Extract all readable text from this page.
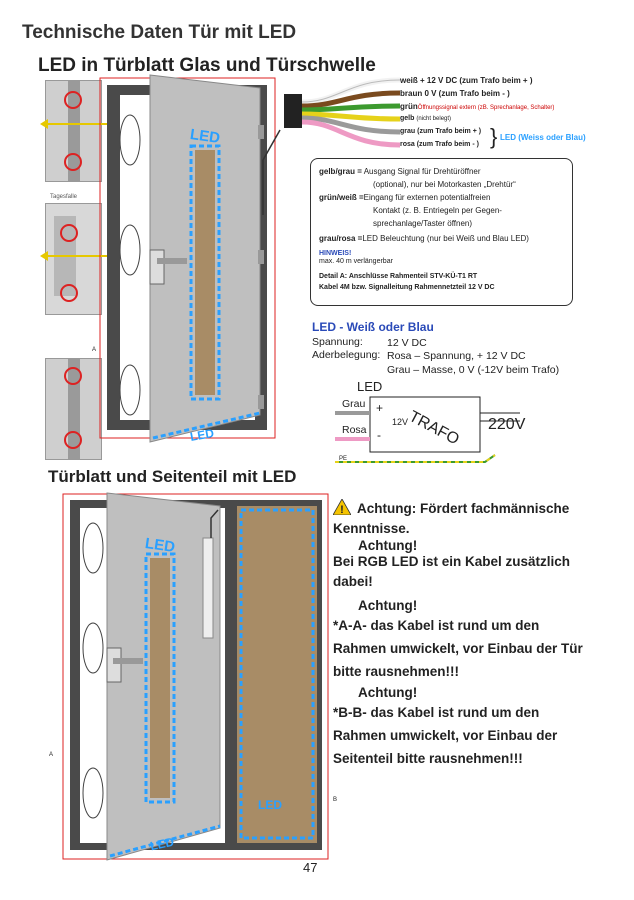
Technische Daten Tür mit LED
LED in Türblatt Glas und Türschwelle
Türblatt und Seitenteil mit LED
Tagesfalle
LED
LED
A
weiß + 12 V DC (zum Trafo beim + )
braun 0 V (zum Trafo beim - )
grünÖffnungssignal extern (zB. Sprechanlage, Schalter)
gelb (nicht belegt)
grau (zum Trafo beim + )
rosa (zum Trafo beim - ) } LED (Weiss oder Blau)
gelb/grau = Ausgang Signal für Drehtüröffner
(optional), nur bei Motorkasten „Drehtür“
grün/weiß =Eingang für externen potentialfreien
Kontakt (z. B. Entriegeln per Gegen-
sprechanlage/Taster öffnen)
grau/rosa =LED Beleuchtung (nur bei Weiß und Blau LED)
HINWEIS!
max. 40 m verlängerbar
Detail A: Anschlüsse Rahmenteil STV-KÜ-T1 RT
Kabel 4M bzw. Signalleitung Rahmennetzteil 12 V DC
LED - Weiß oder Blau
Spannung: 12 V DC
Aderbelegung: Rosa – Spannung, + 12 V DC
Grau – Masse, 0 V (-12V beim Trafo)
LED
Grau
Rosa
+
-
12V
TRAFO 220V
PE
LED
LED
LED
A
B
! Achtung: Fördert fachmännische
Kenntnisse.
Achtung!
Bei RGB LED ist ein Kabel zusätzlich dabei!
Achtung!
*A-A- das Kabel ist rund um den Rahmen umwickelt, vor Einbau der Tür bitte rausnehmen!!!
Achtung!
*B-B- das Kabel ist rund um den Rahmen umwickelt, vor Einbau der Seitenteil bitte rausnehmen!!!
47
